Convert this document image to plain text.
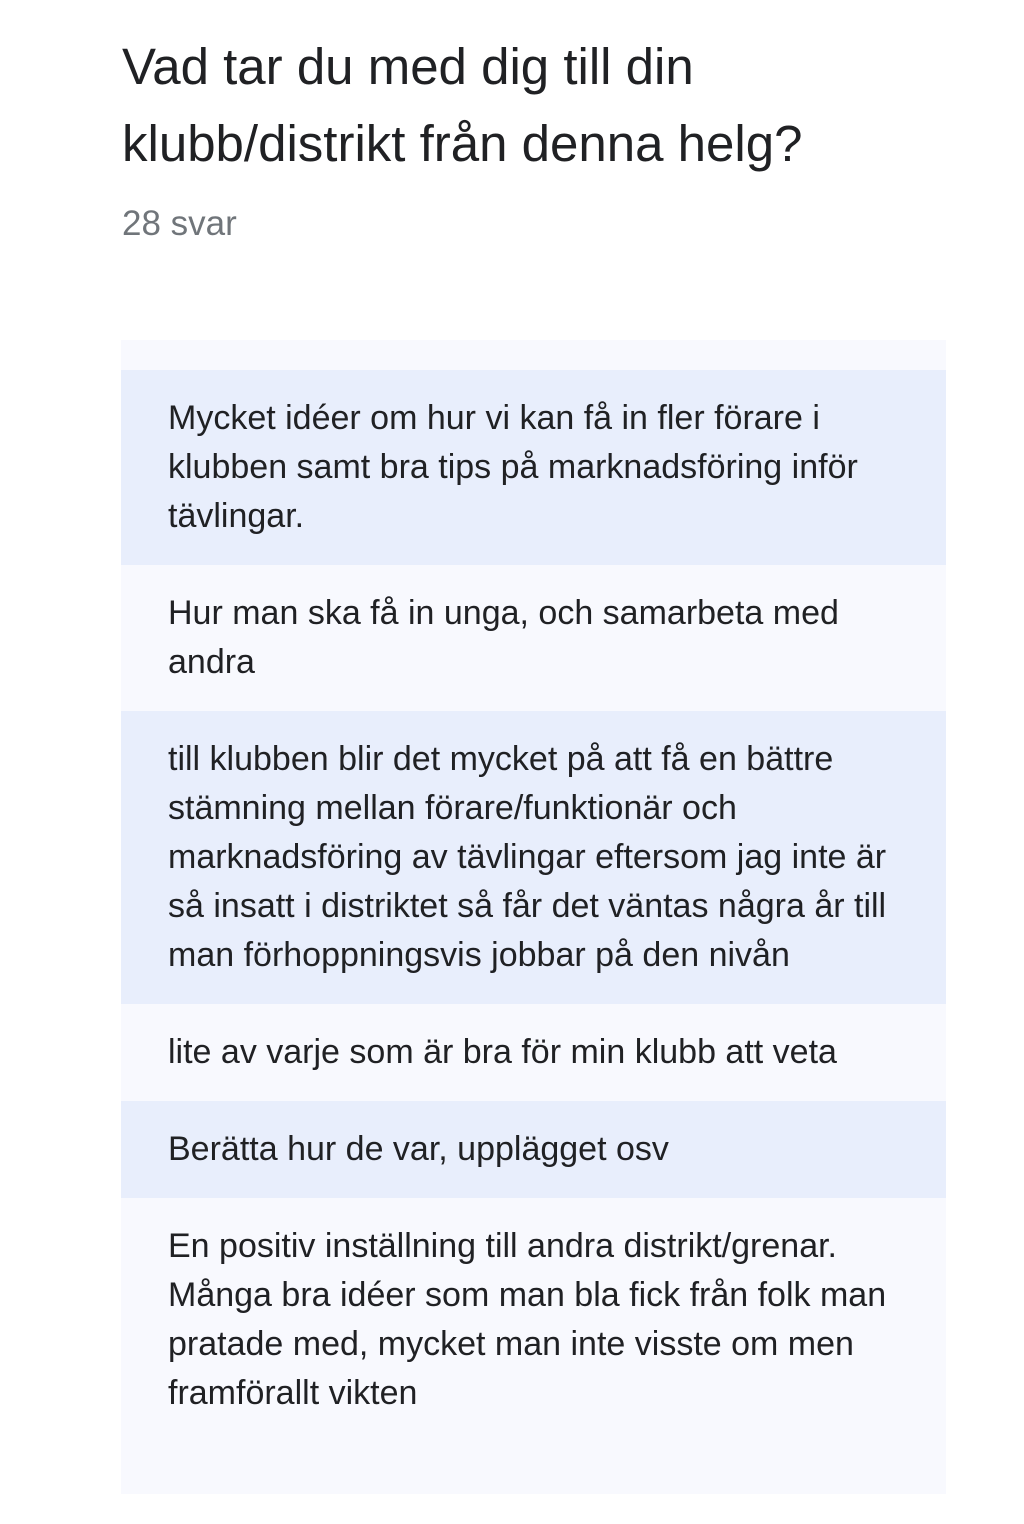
Vad tar du med dig till din klubb/distrikt från denna helg?

28 svar

Mycket idéer om hur vi kan få in fler förare i klubben samt bra tips på marknadsföring inför tävlingar.
Hur man ska få in unga, och samarbeta med andra
till klubben blir det mycket på att få en bättre stämning mellan förare/funktionär och marknadsföring av tävlingar eftersom jag inte är så insatt i distriktet så får det väntas några år till man förhoppningsvis jobbar på den nivån
lite av varje som är bra för min klubb att veta
Berätta hur de var, upplägget osv
En positiv inställning till andra distrikt/grenar. Många bra idéer som man bla fick från folk man pratade med, mycket man inte visste om men framförallt vikten
